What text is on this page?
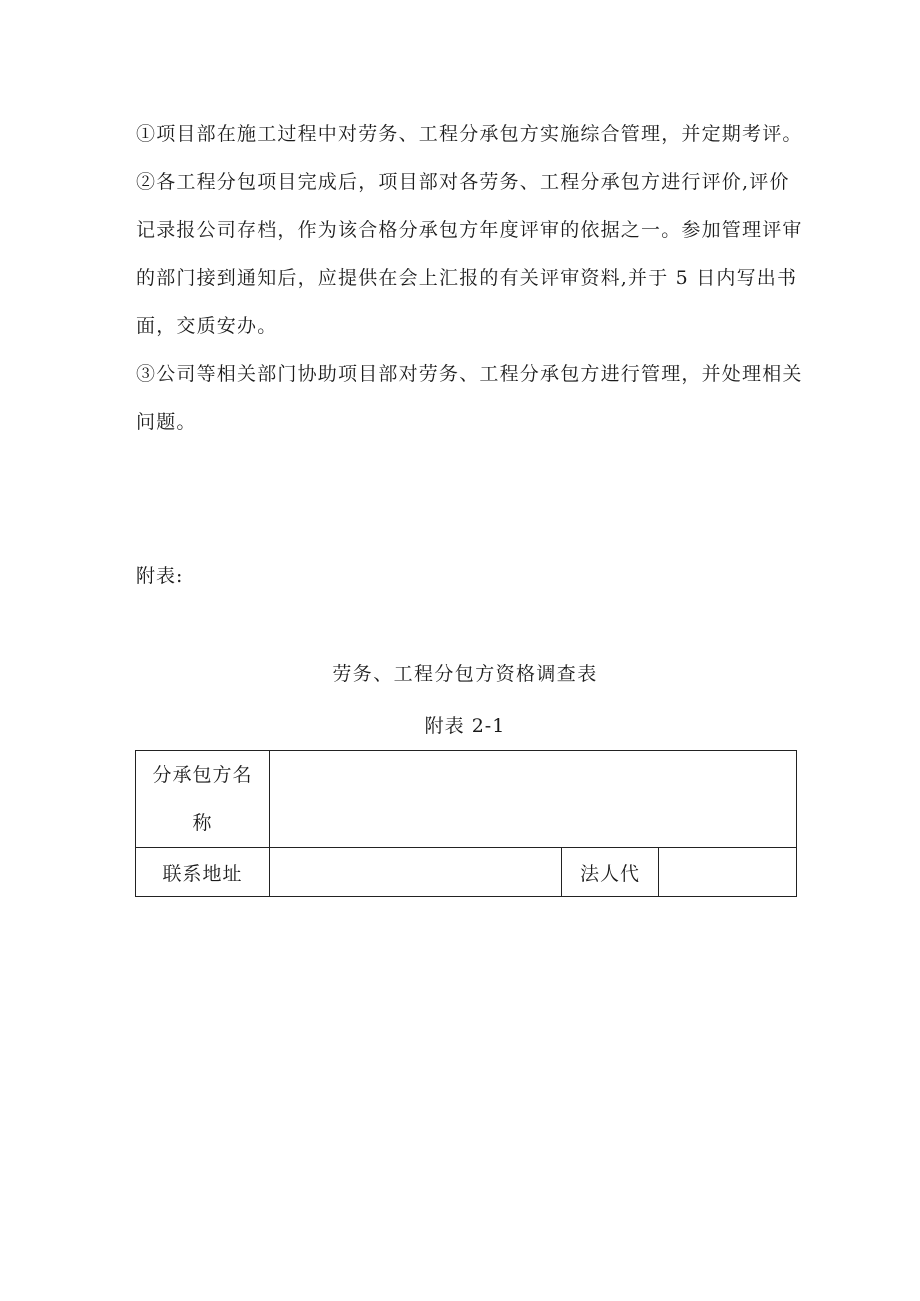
①项目部在施工过程中对劳务、工程分承包方实施综合管理，并定期考评。
②各工程分包项目完成后，项目部对各劳务、工程分承包方进行评价,评价
记录报公司存档，作为该合格分承包方年度评审的依据之一。参加管理评审
的部门接到通知后，应提供在会上汇报的有关评审资料,并于 5 日内写出书
面，交质安办。
③公司等相关部门协助项目部对劳务、工程分承包方进行管理，并处理相关
问题。
附表:
劳务、工程分包方资格调查表
附表 2-1
分承包方名
称			

联系地址		法人代	
